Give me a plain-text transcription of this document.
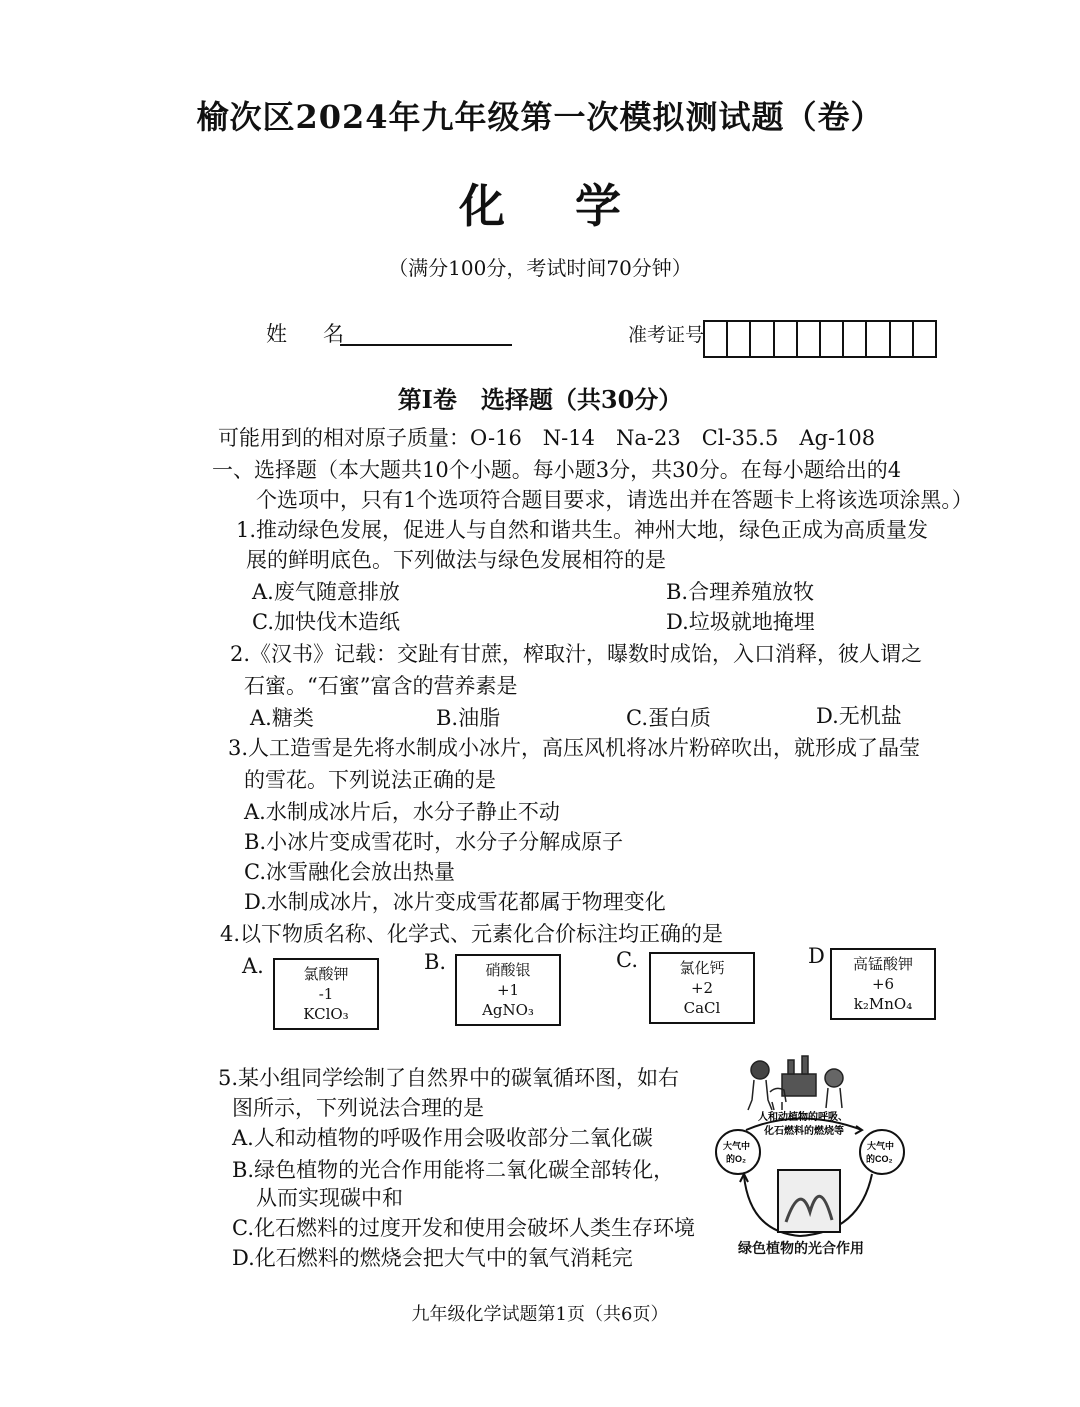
榆次区2024年九年级第一次模拟测试题（卷）
化学
（满分100分，考试时间70分钟）
姓名	准考证号
第I卷　选择题（共30分）
可能用到的相对原子质量：O-16　N-14　Na-23　Cl-35.5　Ag-108
一、选择题（本大题共10个小题。每小题3分，共30分。在每小题给出的4
个选项中，只有1个选项符合题目要求，请选出并在答题卡上将该选项涂黑。）
1.推动绿色发展，促进人与自然和谐共生。神州大地，绿色正成为高质量发
展的鲜明底色。下列做法与绿色发展相符的是
A.废气随意排放	B.合理养殖放牧
C.加快伐木造纸	D.垃圾就地掩埋
2.《汉书》记载：交趾有甘蔗，榨取汁，曝数时成饴，入口消释，彼人谓之
石蜜。“石蜜”富含的营养素是
A.糖类	B.油脂	C.蛋白质	D.无机盐
3.人工造雪是先将水制成小冰片，高压风机将冰片粉碎吹出，就形成了晶莹
的雪花。下列说法正确的是
A.水制成冰片后，水分子静止不动
B.小冰片变成雪花时，水分子分解成原子
C.冰雪融化会放出热量
D.水制成冰片，冰片变成雪花都属于物理变化
4.以下物质名称、化学式、元素化合价标注均正确的是
A.	氯酸钾
-1
KClO₃
B.	硝酸银
+1
AgNO₃
C.	氯化钙
+2
CaCl
D	高锰酸钾
+6
k₂MnO₄
5.某小组同学绘制了自然界中的碳氧循环图，如右
图所示，下列说法合理的是
A.人和动植物的呼吸作用会吸收部分二氧化碳
B.绿色植物的光合作用能将二氧化碳全部转化，
从而实现碳中和
C.化石燃料的过度开发和使用会破坏人类生存环境
D.化石燃料的燃烧会把大气中的氧气消耗完
人和动植物的呼吸、
化石燃料的燃烧等
大气中
的O₂
大气中
的CO₂
绿色植物的光合作用
九年级化学试题第1页（共6页）
